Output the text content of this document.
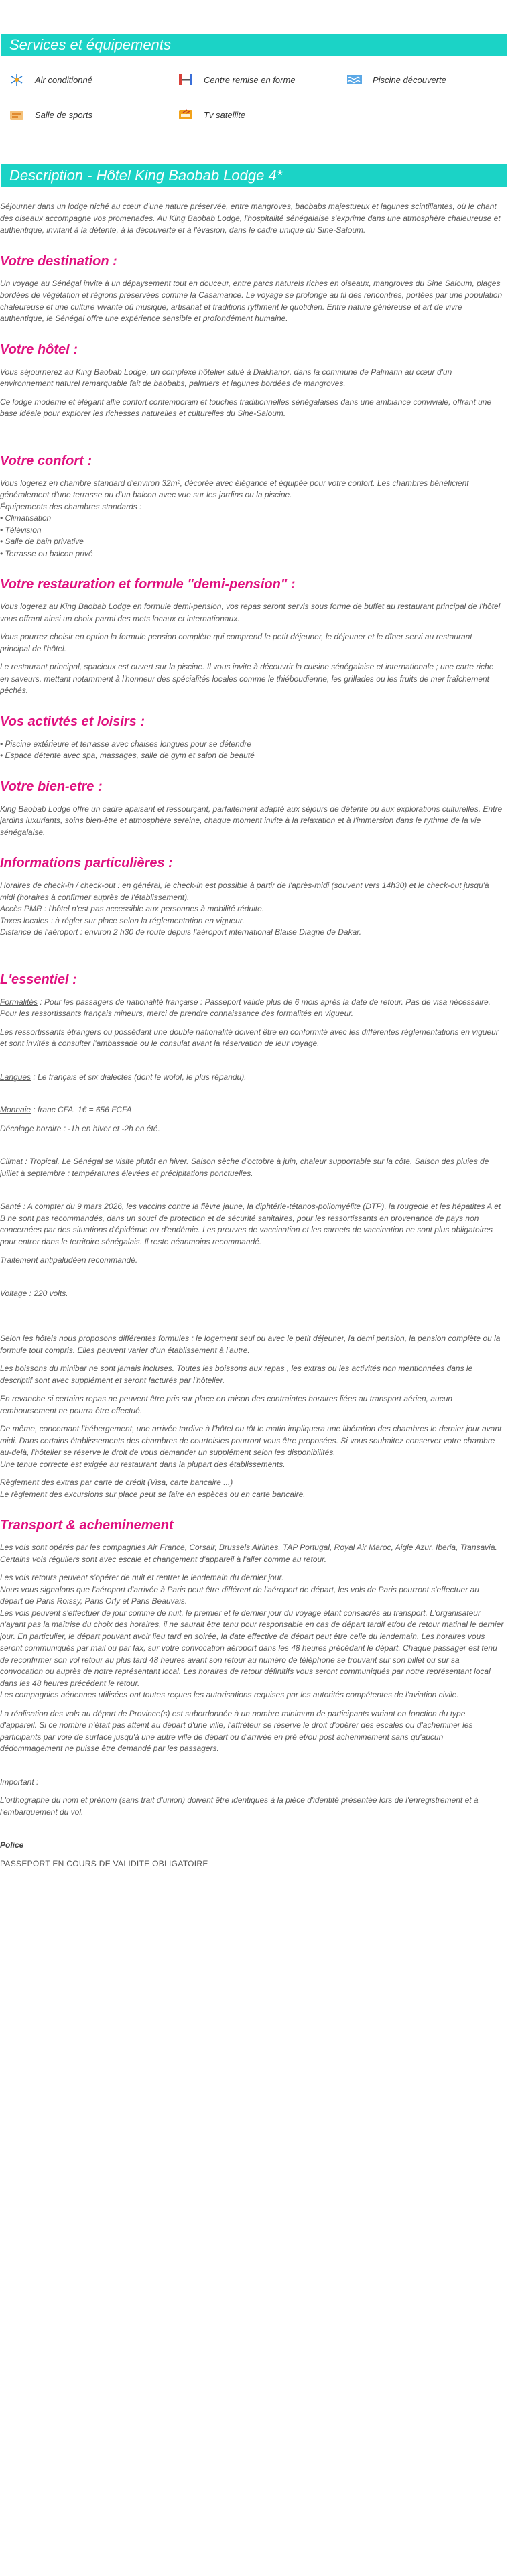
Services et équipements
Air conditionné	Centre remise en forme	Piscine découverte
Salle de sports	Tv satellite
Description - Hôtel King Baobab Lodge 4*

Séjourner dans un lodge niché au cœur d'une nature préservée, entre mangroves, baobabs majestueux et lagunes scintillantes, où le chant des oiseaux accompagne vos promenades. Au King Baobab Lodge, l'hospitalité sénégalaise s'exprime dans une atmosphère chaleureuse et authentique, invitant à la détente, à la découverte et à l'évasion, dans le cadre unique du Sine-Saloum.

Votre destination :

Un voyage au Sénégal invite à un dépaysement tout en douceur, entre parcs naturels riches en oiseaux, mangroves du Sine Saloum, plages bordées de végétation et régions préservées comme la Casamance. Le voyage se prolonge au fil des rencontres, portées par une population chaleureuse et une culture vivante où musique, artisanat et traditions rythment le quotidien. Entre nature généreuse et art de vivre authentique, le Sénégal offre une expérience sensible et profondément humaine.

Votre hôtel :

Vous séjournerez au King Baobab Lodge, un complexe hôtelier situé à Diakhanor, dans la commune de Palmarin au cœur d'un environnement naturel remarquable fait de baobabs, palmiers et lagunes bordées de mangroves.

Ce lodge moderne et élégant allie confort contemporain et touches traditionnelles sénégalaises dans une ambiance conviviale, offrant une base idéale pour explorer les richesses naturelles et culturelles du Sine-Saloum.

Votre confort :

Vous logerez en chambre standard d'environ 32m², décorée avec élégance et équipée pour votre confort. Les chambres bénéficient généralement d'une terrasse ou d'un balcon avec vue sur les jardins ou la piscine.

Équipements des chambres standards :
• Climatisation
• Télévision
• Salle de bain privative
• Terrasse ou balcon privé
Votre restauration et formule "demi-pension" :

Vous logerez au King Baobab Lodge en formule demi-pension, vos repas seront servis sous forme de buffet au restaurant principal de l'hôtel vous offrant ainsi un choix parmi des mets locaux et internationaux.

Vous pourrez choisir en option la formule pension complète qui comprend le petit déjeuner, le déjeuner et le dîner servi au restaurant principal de l'hôtel.

Le restaurant principal, spacieux est ouvert sur la piscine. Il vous invite à découvrir la cuisine sénégalaise et internationale ; une carte riche en saveurs, mettant notamment à l'honneur des spécialités locales comme le thiéboudienne, les grillades ou les fruits de mer fraîchement pêchés.

Vos activtés et loisirs :
• Piscine extérieure et terrasse avec chaises longues pour se détendre
• Espace détente avec spa, massages, salle de gym et salon de beauté
Votre bien-etre :

King Baobab Lodge offre un cadre apaisant et ressourçant, parfaitement adapté aux séjours de détente ou aux explorations culturelles. Entre jardins luxuriants, soins bien-être et atmosphère sereine, chaque moment invite à la relaxation et à l'immersion dans le rythme de la vie sénégalaise.

Informations particulières :

Horaires de check-in / check-out : en général, le check-in est possible à partir de l'après-midi (souvent vers 14h30) et le check-out jusqu'à midi (horaires à confirmer auprès de l'établissement).

Accès PMR : l'hôtel n'est pas accessible aux personnes à mobilité réduite.

Taxes locales : à régler sur place selon la réglementation en vigueur.

Distance de l'aéroport : environ 2 h30 de route depuis l'aéroport international Blaise Diagne de Dakar.

L'essentiel :

Formalités : Pour les passagers de nationalité française : Passeport valide plus de 6 mois après la date de retour. Pas de visa nécessaire.

Pour les ressortissants français mineurs, merci de prendre connaissance des formalités en vigueur.

Les ressortissants étrangers ou possédant une double nationalité doivent être en conformité avec les différentes réglementations en vigueur et sont invités à consulter l'ambassade ou le consulat avant la réservation de leur voyage.

Langues : Le français et six dialectes (dont le wolof, le plus répandu).

Monnaie : franc CFA. 1€ = 656 FCFA

Décalage horaire : -1h en hiver et -2h en été.

Climat : Tropical. Le Sénégal se visite plutôt en hiver. Saison sèche d'octobre à juin, chaleur supportable sur la côte. Saison des pluies de juillet à septembre : températures élevées et précipitations ponctuelles.

Santé : A compter du 9 mars 2026, les vaccins contre la fièvre jaune, la diphtérie-tétanos-poliomyélite (DTP), la rougeole et les hépatites A et B ne sont pas recommandés, dans un souci de protection et de sécurité sanitaires, pour les ressortissants en provenance de pays non concernées par des situations d'épidémie ou d'endémie. Les preuves de vaccination et les carnets de vaccination ne sont plus obligatoires pour entrer dans le territoire sénégalais. Il reste néanmoins recommandé.

Traitement antipaludéen recommandé.

Voltage : 220 volts.

Selon les hôtels nous proposons différentes formules : le logement seul ou avec le petit déjeuner, la demi pension, la pension complète ou la formule tout compris. Elles peuvent varier d'un établissement à l'autre.

Les boissons du minibar ne sont jamais incluses. Toutes les boissons aux repas , les extras ou les activités non mentionnées dans le descriptif sont avec supplément et seront facturés par l'hôtelier.

En revanche si certains repas ne peuvent être pris sur place en raison des contraintes horaires liées au transport aérien, aucun remboursement ne pourra être effectué.

De même, concernant l'hébergement, une arrivée tardive à l'hôtel ou tôt le matin impliquera une libération des chambres le dernier jour avant midi. Dans certains établissements des chambres de courtoisies pourront vous être proposées. Si vous souhaitez conserver votre chambre au-delà, l'hôtelier se réserve le droit de vous demander un supplément selon les disponibilités.

Une tenue correcte est exigée au restaurant dans la plupart des établissements.

Règlement des extras par carte de crédit (Visa, carte bancaire ...)

Le règlement des excursions sur place peut se faire en espèces ou en carte bancaire.

Transport & acheminement

Les vols sont opérés par les compagnies Air France, Corsair, Brussels Airlines, TAP Portugal, Royal Air Maroc, Aigle Azur, Iberia, Transavia. Certains vols réguliers sont avec escale et changement d'appareil à l'aller comme au retour.

Les vols retours peuvent s'opérer de nuit et rentrer le lendemain du dernier jour.

Nous vous signalons que l'aéroport d'arrivée à Paris peut être différent de l'aéroport de départ, les vols de Paris pourront s'effectuer au départ de Paris Roissy, Paris Orly et Paris Beauvais.

Les vols peuvent s'effectuer de jour comme de nuit, le premier et le dernier jour du voyage étant consacrés au transport. L'organisateur n'ayant pas la maîtrise du choix des horaires, il ne saurait être tenu pour responsable en cas de départ tardif et/ou de retour matinal le dernier jour. En particulier, le départ pouvant avoir lieu tard en soirée, la date effective de départ peut être celle du lendemain. Les horaires vous seront communiqués par mail ou par fax, sur votre convocation aéroport dans les 48 heures précédant le départ. Chaque passager est tenu de reconfirmer son vol retour au plus tard 48 heures avant son retour au numéro de téléphone se trouvant sur son billet ou sur sa convocation ou auprès de notre représentant local. Les horaires de retour définitifs vous seront communiqués par notre représentant local dans les 48 heures précédent le retour.

Les compagnies aériennes utilisées ont toutes reçues les autorisations requises par les autorités compétentes de l'aviation civile.

La réalisation des vols au départ de Province(s) est subordonnée à un nombre minimum de participants variant en fonction du type d'appareil. Si ce nombre n'était pas atteint au départ d'une ville, l'affréteur se réserve le droit d'opérer des escales ou d'acheminer les participants par voie de surface jusqu'à une autre ville de départ ou d'arrivée en pré et/ou post acheminement sans qu'aucun dédommagement ne puisse être demandé par les passagers.

Important :

L'orthographe du nom et prénom (sans trait d'union) doivent être identiques à la pièce d'identité présentée lors de l'enregistrement et à l'embarquement du vol.

Police

PASSEPORT EN COURS DE VALIDITE OBLIGATOIRE
